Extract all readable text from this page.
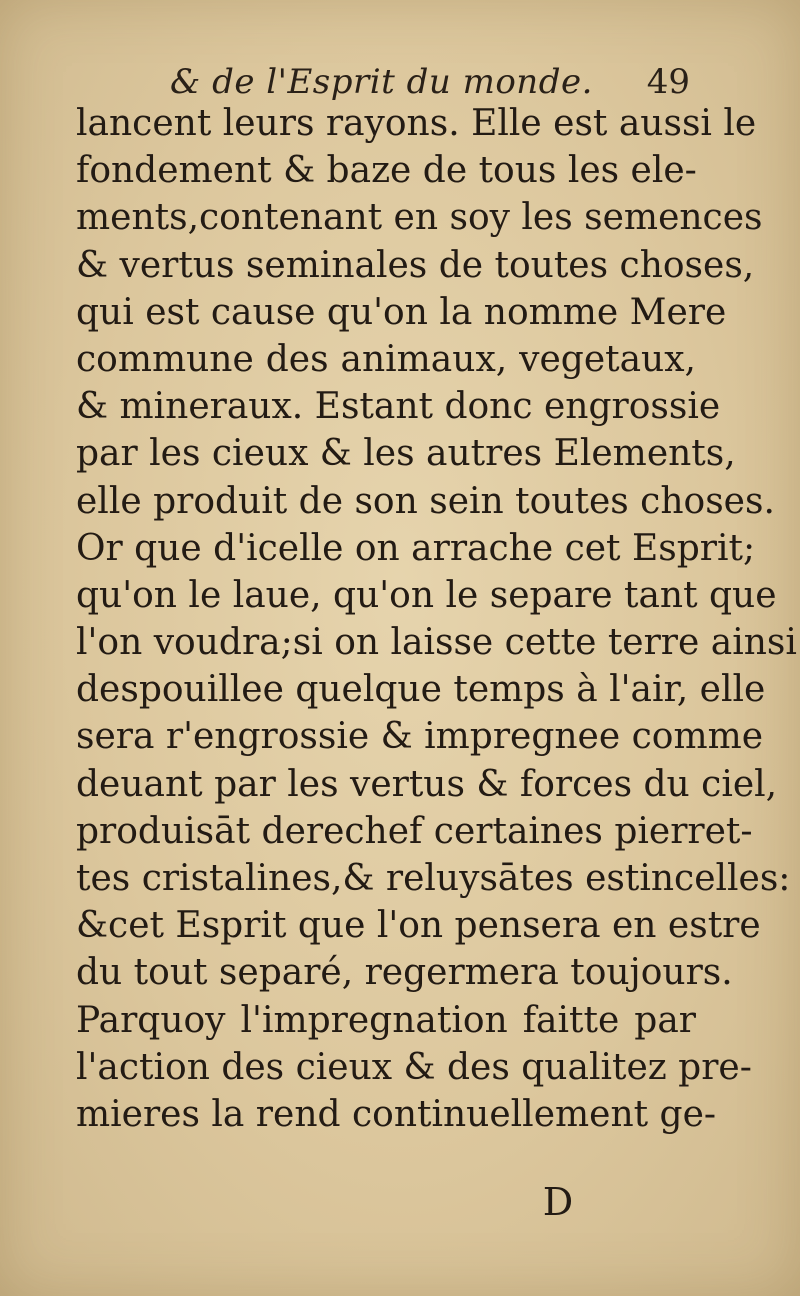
& de l'Esprit du monde. 49
lancent leurs rayons. Elle est aussi le
fondement & baze de tous les ele-
ments,contenant en soy les semences
& vertus seminales de toutes choses,
qui est cause qu'on la nomme Mere
commune des animaux, vegetaux,
& mineraux. Estant donc engrossie
par les cieux & les autres Elements,
elle produit de son sein toutes choses.
Or que d'icelle on arrache cet Esprit;
qu'on le laue, qu'on le separe tant que
l'on voudra;si on laisse cette terre ainsi
despouillee quelque temps à l'air, elle
sera r'engrossie & impregnee comme
deuant par les vertus & forces du ciel,
produisāt derechef certaines pierret-
tes cristalines,& reluysātes estincelles:
&cet Esprit que l'on pensera en estre
du tout separé, regermera toujours.
Parquoy l'impregnation faitte par
l'action des cieux & des qualitez pre-
mieres la rend continuellement ge-
D
